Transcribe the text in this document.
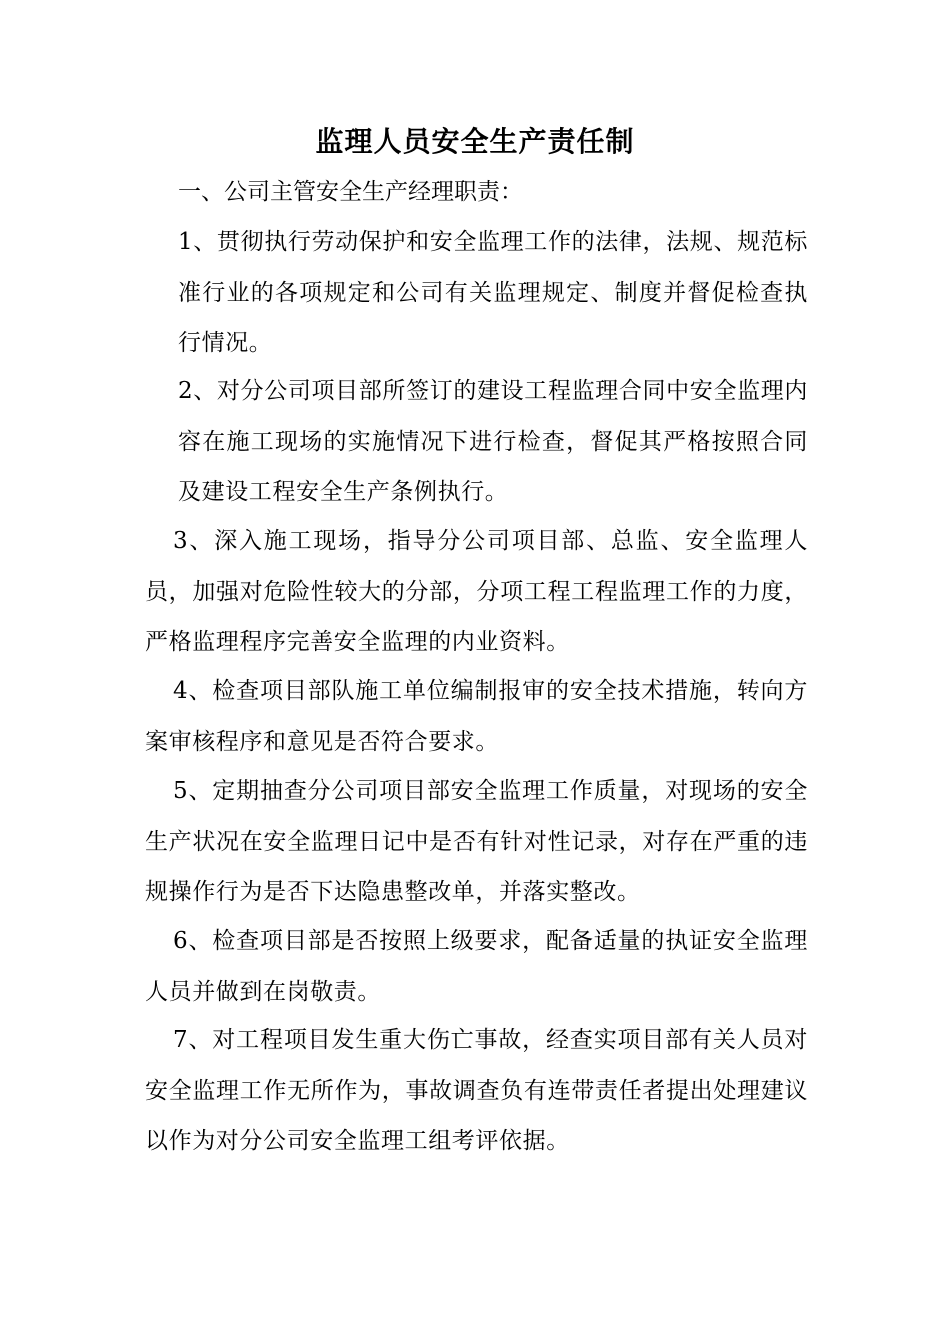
监理人员安全生产责任制
一、公司主管安全生产经理职责：

1、贯彻执行劳动保护和安全监理工作的法律，法规、规范标准行业的各项规定和公司有关监理规定、制度并督促检查执行情况。

2、对分公司项目部所签订的建设工程监理合同中安全监理内容在施工现场的实施情况下进行检查，督促其严格按照合同及建设工程安全生产条例执行。

3、深入施工现场，指导分公司项目部、总监、安全监理人员，加强对危险性较大的分部，分项工程工程监理工作的力度，严格监理程序完善安全监理的内业资料。

4、检查项目部队施工单位编制报审的安全技术措施，转向方案审核程序和意见是否符合要求。

5、定期抽查分公司项目部安全监理工作质量，对现场的安全生产状况在安全监理日记中是否有针对性记录，对存在严重的违规操作行为是否下达隐患整改单，并落实整改。

6、检查项目部是否按照上级要求，配备适量的执证安全监理人员并做到在岗敬责。

7、对工程项目发生重大伤亡事故，经查实项目部有关人员对安全监理工作无所作为，事故调查负有连带责任者提出处理建议以作为对分公司安全监理工组考评依据。
